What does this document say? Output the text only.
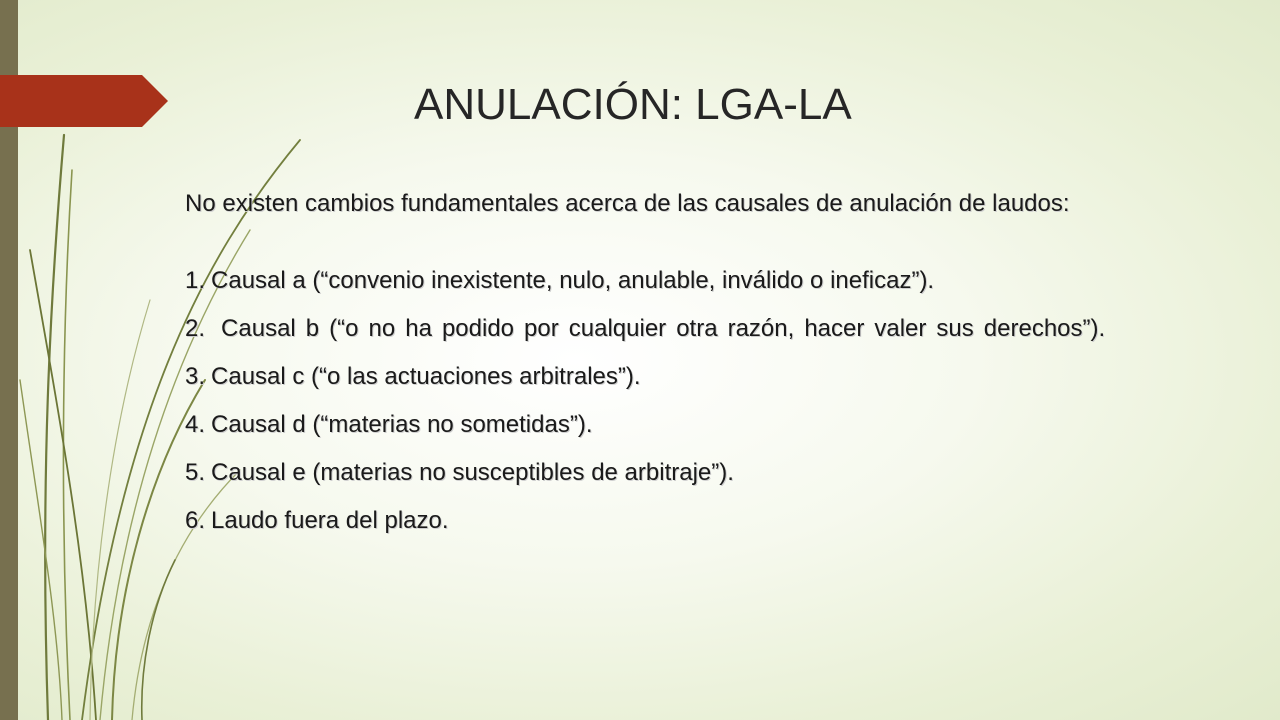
ANULACIÓN: LGA-LA

No existen cambios fundamentales acerca de las causales de anulación de laudos:

1. Causal a (“convenio inexistente, nulo, anulable, inválido o ineficaz”).

2. Causal b (“o no ha podido por cualquier otra razón, hacer valer sus derechos”).

3. Causal c (“o las actuaciones arbitrales”).

4. Causal d (“materias no sometidas”).

5. Causal e (materias no susceptibles de arbitraje”).

6. Laudo fuera del plazo.
